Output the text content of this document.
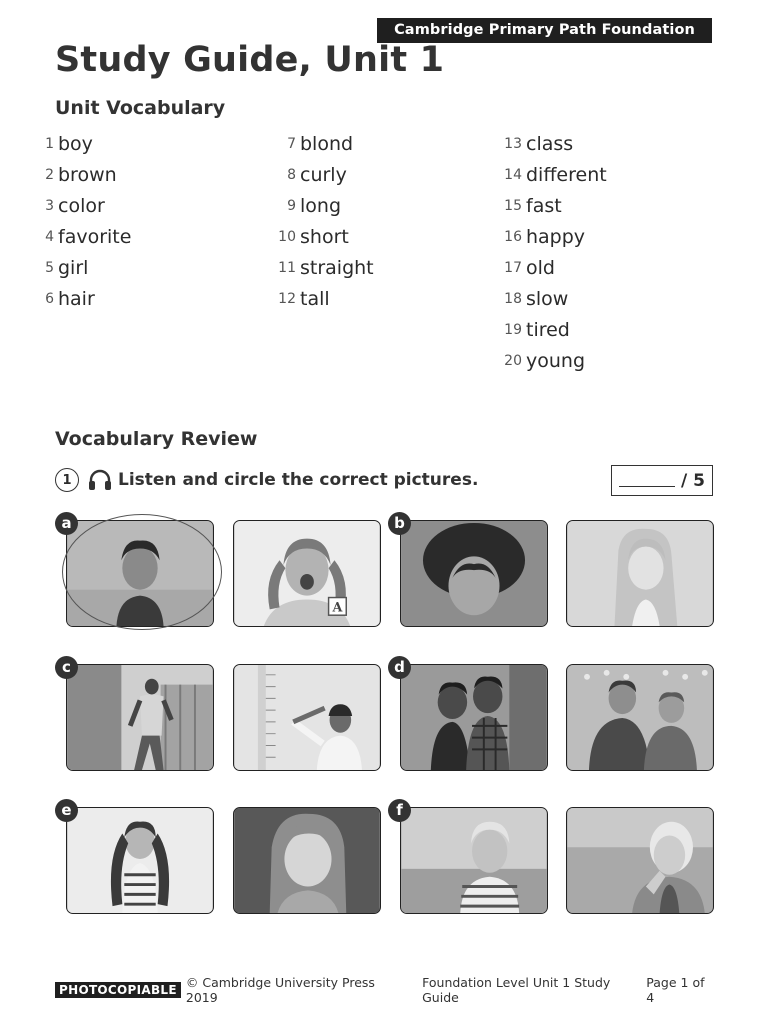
Cambridge Primary Path Foundation Level
Study Guide, Unit 1
Unit Vocabulary
1 boy
2 brown
3 color
4 favorite
5 girl
6 hair
7 blond
8 curly
9 long
10 short
11 straight
12 tall
13 class
14 different
15 fast
16 happy
17 old
18 slow
19 tired
20 young
Vocabulary Review
1	Listen and circle the correct pictures.	/ 5
A
a	b
c	d
e	f
PHOTOCOPIABLE © Cambridge University Press 2019
Foundation Level Unit 1 Study Guide
Page 1 of 4
